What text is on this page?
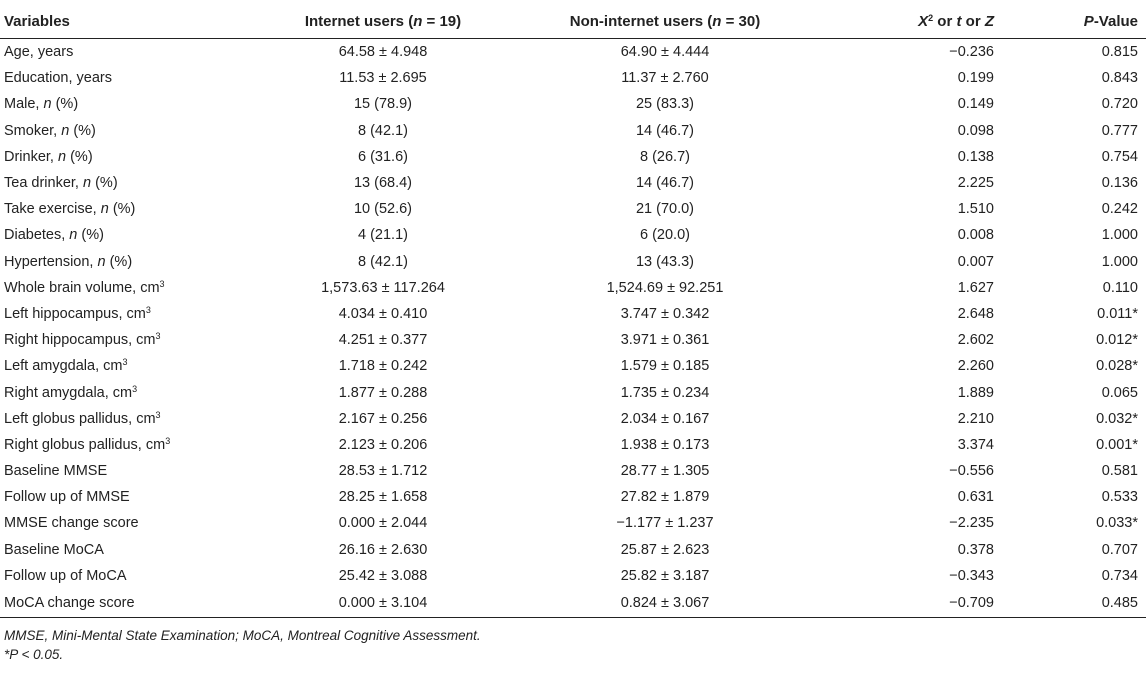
Variables	Internet users (n = 19)	Non-internet users (n = 30)	$X^2$ or t or Z	P-Value
Age, years	64.58 ± 4.948	64.90 ± 4.444	−0.236	0.815
Education, years	11.53 ± 2.695	11.37 ± 2.760	0.199	0.843
Male, n (%)	15 (78.9)	25 (83.3)	0.149	0.720
Smoker, n (%)	8 (42.1)	14 (46.7)	0.098	0.777
Drinker, n (%)	6 (31.6)	8 (26.7)	0.138	0.754
Tea drinker, n (%)	13 (68.4)	14 (46.7)	2.225	0.136
Take exercise, n (%)	10 (52.6)	21 (70.0)	1.510	0.242
Diabetes, n (%)	4 (21.1)	6 (20.0)	0.008	1.000
Hypertension, n (%)	8 (42.1)	13 (43.3)	0.007	1.000
Whole brain volume, $cm^3$	1,573.63 ± 117.264	1,524.69 ± 92.251	1.627	0.110
Left hippocampus, $cm^3$	4.034 ± 0.410	3.747 ± 0.342	2.648	0.011*
Right hippocampus, $cm^3$	4.251 ± 0.377	3.971 ± 0.361	2.602	0.012*
Left amygdala, $cm^3$	1.718 ± 0.242	1.579 ± 0.185	2.260	0.028*
Right amygdala, $cm^3$	1.877 ± 0.288	1.735 ± 0.234	1.889	0.065
Left globus pallidus, $cm^3$	2.167 ± 0.256	2.034 ± 0.167	2.210	0.032*
Right globus pallidus, $cm^3$	2.123 ± 0.206	1.938 ± 0.173	3.374	0.001*
Baseline MMSE	28.53 ± 1.712	28.77 ± 1.305	−0.556	0.581
Follow up of MMSE	28.25 ± 1.658	27.82 ± 1.879	0.631	0.533
MMSE change score	0.000 ± 2.044	−1.177 ± 1.237	−2.235	0.033*
Baseline MoCA	26.16 ± 2.630	25.87 ± 2.623	0.378	0.707
Follow up of MoCA	25.42 ± 3.088	25.82 ± 3.187	−0.343	0.734
MoCA change score	0.000 ± 3.104	0.824 ± 3.067	−0.709	0.485
MMSE, Mini-Mental State Examination; MoCA, Montreal Cognitive Assessment.
*P < 0.05.
